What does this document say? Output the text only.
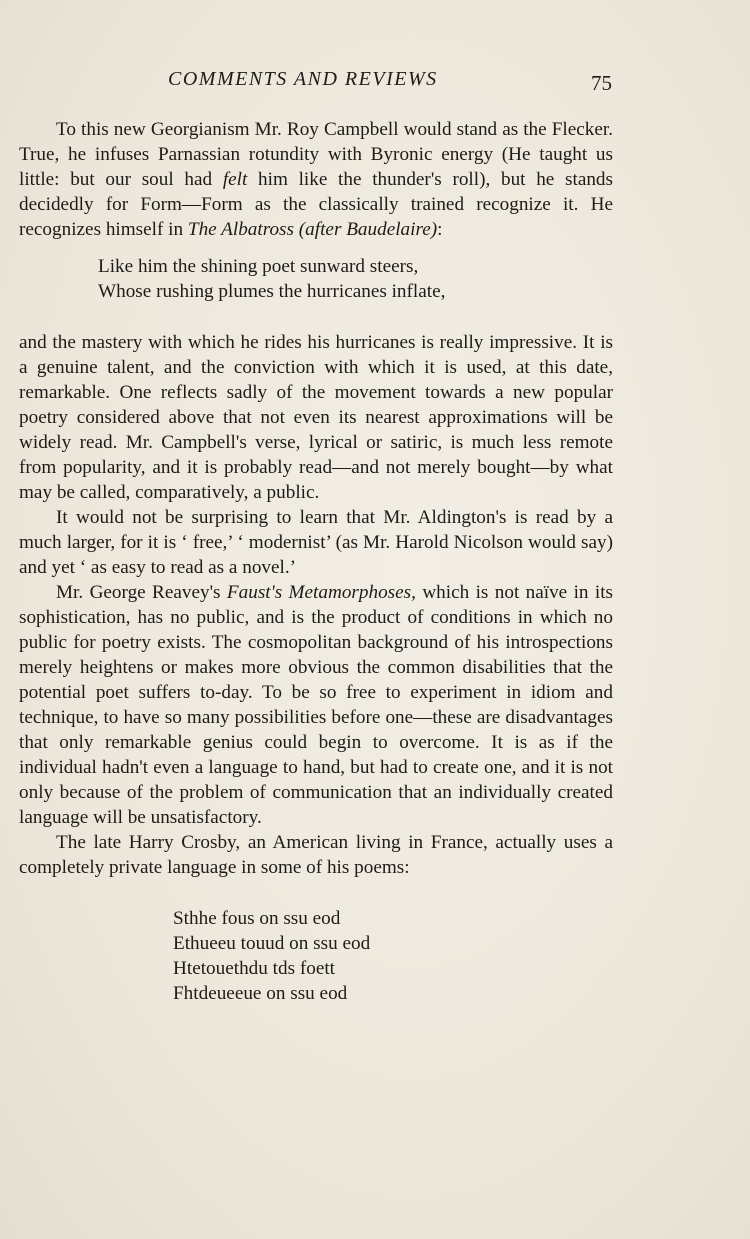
COMMENTS AND REVIEWS	75

To this new Georgianism Mr. Roy Campbell would stand as the Flecker. True, he infuses Parnassian rotundity with Byronic energy (He taught us little: but our soul had felt him like the thunder's roll), but he stands decidedly for Form—Form as the classically trained recognize it. He recognizes himself in The Albatross (after Baudelaire):

Like him the shining poet sunward steers,
Whose rushing plumes the hurricanes inflate,

and the mastery with which he rides his hurricanes is really impressive. It is a genuine talent, and the conviction with which it is used, at this date, remarkable. One reflects sadly of the movement towards a new popular poetry considered above that not even its nearest approximations will be widely read. Mr. Campbell's verse, lyrical or satiric, is much less remote from popularity, and it is probably read—and not merely bought—by what may be called, comparatively, a public.

It would not be surprising to learn that Mr. Aldington's is read by a much larger, for it is ‘ free,’ ‘ modernist’ (as Mr. Harold Nicolson would say) and yet ‘ as easy to read as a novel.’

Mr. George Reavey's Faust's Metamorphoses, which is not naïve in its sophistication, has no public, and is the product of conditions in which no public for poetry exists. The cosmopolitan background of his introspections merely heightens or makes more obvious the common disabilities that the potential poet suffers to-day. To be so free to experiment in idiom and technique, to have so many possibilities before one—these are disadvantages that only remarkable genius could begin to overcome. It is as if the individual hadn't even a language to hand, but had to create one, and it is not only because of the problem of communication that an individually created language will be unsatisfactory.

The late Harry Crosby, an American living in France, actually uses a completely private language in some of his poems:

Sthhe fous on ssu eod
Ethueeu touud on ssu eod
Htetouethdu tds foett
Fhtdeueeue on ssu eod
